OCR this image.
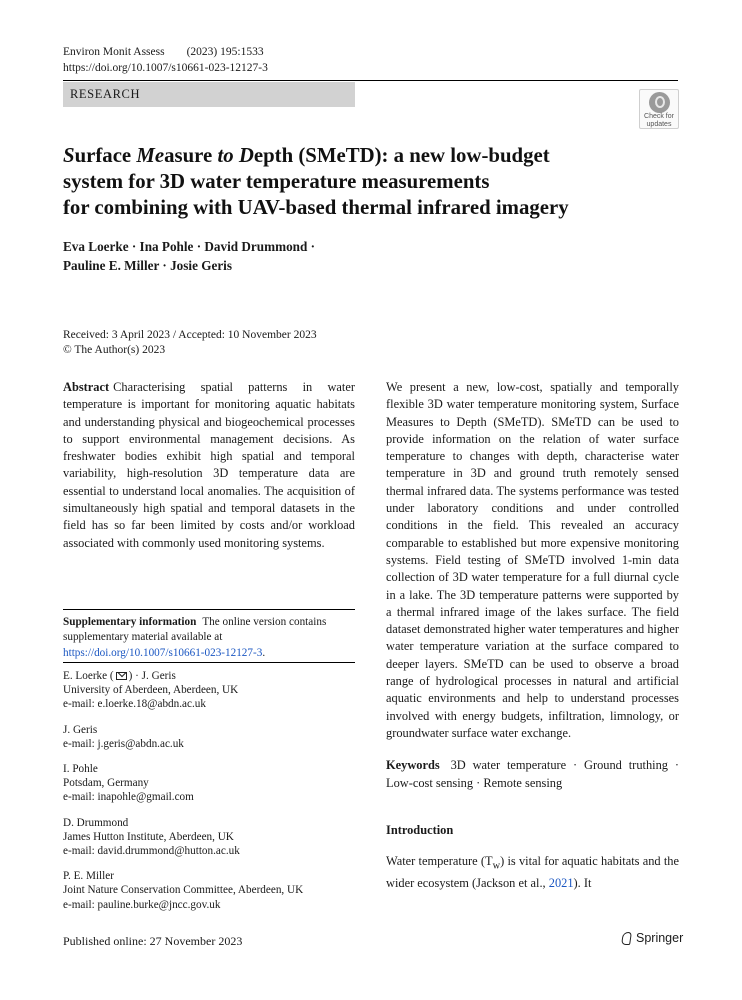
Environ Monit Assess (2023) 195:1533
https://doi.org/10.1007/s10661-023-12127-3
RESEARCH
Check for
updates
Surface Measure to Depth (SMeTD): a new low-budget
system for 3D water temperature measurements
for combining with UAV-based thermal infrared imagery
Eva Loerke · Ina Pohle · David Drummond ·
Pauline E. Miller · Josie Geris
Received: 3 April 2023 / Accepted: 10 November 2023
© The Author(s) 2023

Abstract Characterising spatial patterns in water temperature is important for monitoring aquatic habitats and understanding physical and biogeochemical processes to support environmental management decisions. As freshwater bodies exhibit high spatial and temporal variability, high-resolution 3D temperature data are essential to understand local anomalies. The acquisition of simultaneously high spatial and temporal datasets in the field has so far been limited by costs and/or workload associated with commonly used monitoring systems.

Supplementary information The online version contains supplementary material available at https://doi.org/10.1007/s10661-023-12127-3.
E. Loerke ( ) · J. Geris
University of Aberdeen, Aberdeen, UK
e-mail: e.loerke.18@abdn.ac.uk
J. Geris
e-mail: j.geris@abdn.ac.uk
I. Pohle
Potsdam, Germany
e-mail: inapohle@gmail.com
D. Drummond
James Hutton Institute, Aberdeen, UK
e-mail: david.drummond@hutton.ac.uk
P. E. Miller
Joint Nature Conservation Committee, Aberdeen, UK
e-mail: pauline.burke@jncc.gov.uk

We present a new, low-cost, spatially and temporally flexible 3D water temperature monitoring system, Surface Measures to Depth (SMeTD). SMeTD can be used to provide information on the relation of water surface temperature to changes with depth, characterise water temperature in 3D and ground truth remotely sensed thermal infrared data. The systems performance was tested under laboratory conditions and under controlled conditions in the field. This revealed an accuracy comparable to established but more expensive monitoring systems. Field testing of SMeTD involved 1-min data collection of 3D water temperature for a full diurnal cycle in a lake. The 3D temperature patterns were supported by a thermal infrared image of the lakes surface. The field dataset demonstrated higher water temperatures and higher water temperature variation at the surface compared to deeper layers. SMeTD can be used to observe a broad range of hydrological processes in natural and artificial aquatic environments and help to understand processes involved with energy budgets, infiltration, limnology, or groundwater surface water exchange.

Keywords 3D water temperature · Ground truthing · Low-cost sensing · Remote sensing

Introduction

Water temperature $(T_w)$ is vital for aquatic habitats and the wider ecosystem (Jackson et al., 2021). It

Published online: 27 November 2023	Springer
